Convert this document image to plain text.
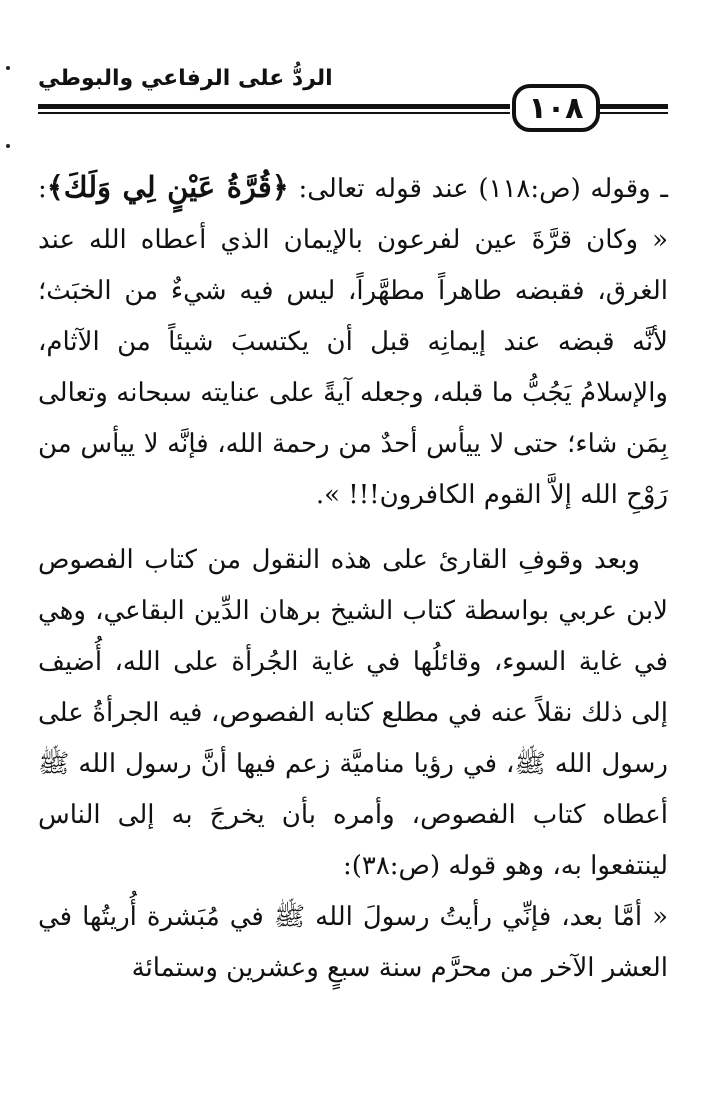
الردُّ على الرفاعي والبوطي
١٠٨

ـ وقوله (ص:١١٨) عند قوله تعالى: ﴿قُرَّةُ عَيْنٍ لِي وَلَكَ﴾: « وكان قرَّةَ عين لفرعون بالإيمان الذي أعطاه الله عند الغرق، فقبضه طاهراً مطهَّراً، ليس فيه شيءٌ من الخبَث؛ لأنَّه قبضه عند إيمانِه قبل أن يكتسبَ شيئاً من الآثام، والإسلامُ يَجُبُّ ما قبله، وجعله آيةً على عنايته سبحانه وتعالى بِمَن شاء؛ حتى لا ييأس أحدٌ من رحمة الله، فإنَّه لا ييأس من رَوْحِ الله إلاَّ القوم الكافرون!!! ».

وبعد وقوفِ القارئ على هذه النقول من كتاب الفصوص لابن عربي بواسطة كتاب الشيخ برهان الدِّين البقاعي، وهي في غاية السوء، وقائلُها في غاية الجُرأة على الله، أُضيف إلى ذلك نقلاً عنه في مطلع كتابه الفصوص، فيه الجرأةُ على رسول الله ﷺ، في رؤيا مناميَّة زعم فيها أنَّ رسول الله ﷺ أعطاه كتاب الفصوص، وأمره بأن يخرجَ به إلى الناس لينتفعوا به، وهو قوله (ص:٣٨):

« أمَّا بعد، فإنِّي رأيتُ رسولَ الله ﷺ في مُبَشرة أُريتُها في العشر الآخر من محرَّم سنة سبعٍ وعشرين وستمائة
